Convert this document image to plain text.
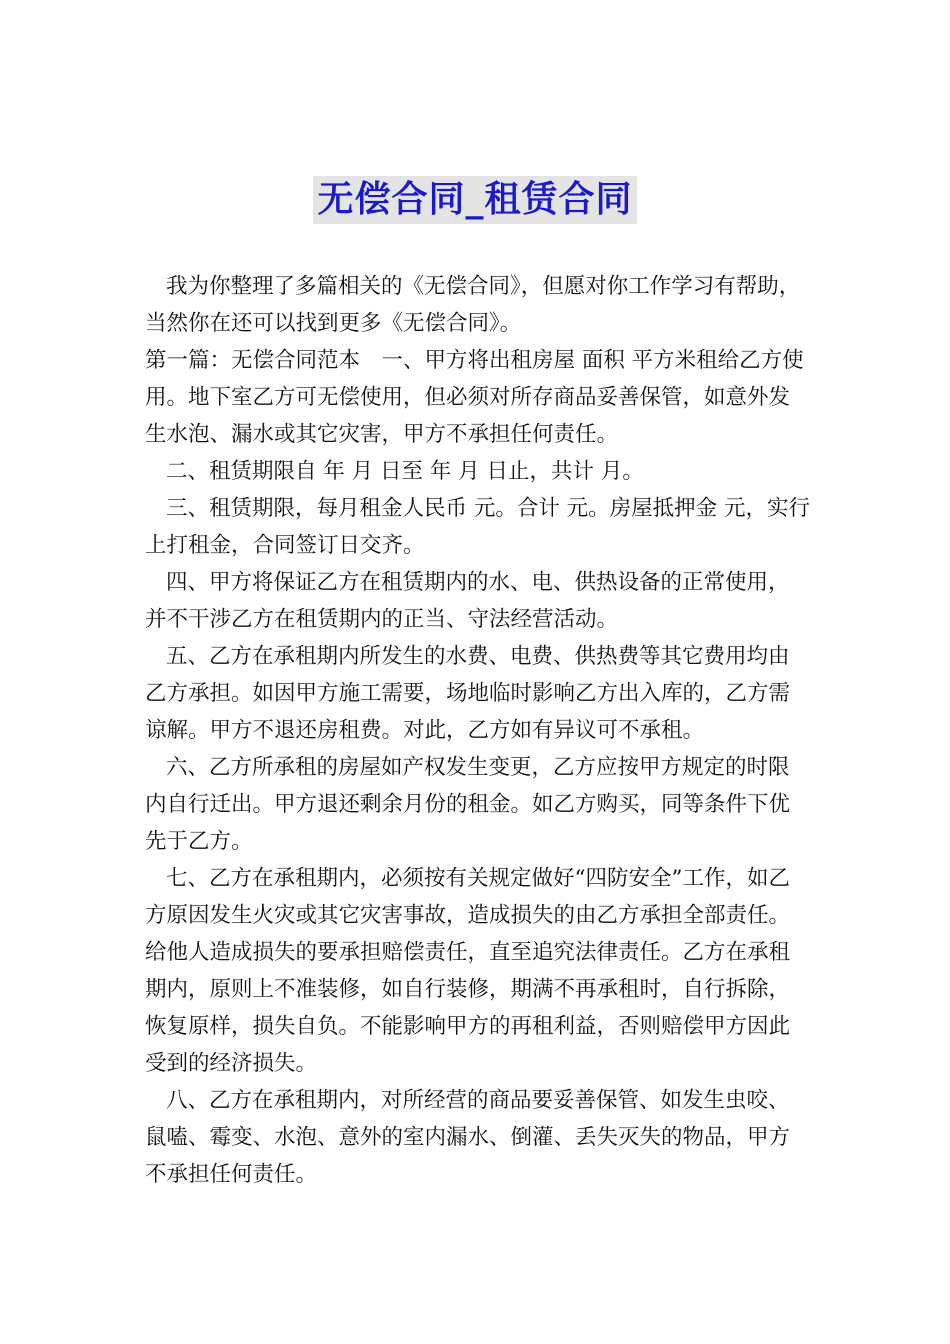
无偿合同_租赁合同

我为你整理了多篇相关的《无偿合同》，但愿对你工作学习有帮助，当然你在还可以找到更多《无偿合同》。

第一篇：无偿合同范本　一、甲方将出租房屋 面积 平方米租给乙方使用。地下室乙方可无偿使用，但必须对所存商品妥善保管，如意外发生水泡、漏水或其它灾害，甲方不承担任何责任。

二、租赁期限自 年 月 日至 年 月 日止，共计 月。

三、租赁期限，每月租金人民币 元。合计 元。房屋抵押金 元，实行上打租金，合同签订日交齐。

四、甲方将保证乙方在租赁期内的水、电、供热设备的正常使用，并不干涉乙方在租赁期内的正当、守法经营活动。

五、乙方在承租期内所发生的水费、电费、供热费等其它费用均由乙方承担。如因甲方施工需要，场地临时影响乙方出入库的，乙方需谅解。甲方不退还房租费。对此，乙方如有异议可不承租。

六、乙方所承租的房屋如产权发生变更，乙方应按甲方规定的时限内自行迁出。甲方退还剩余月份的租金。如乙方购买，同等条件下优先于乙方。

七、乙方在承租期内，必须按有关规定做好“四防安全”工作，如乙方原因发生火灾或其它灾害事故，造成损失的由乙方承担全部责任。给他人造成损失的要承担赔偿责任，直至追究法律责任。乙方在承租期内，原则上不准装修，如自行装修，期满不再承租时，自行拆除，恢复原样，损失自负。不能影响甲方的再租利益，否则赔偿甲方因此受到的经济损失。

八、乙方在承租期内，对所经营的商品要妥善保管、如发生虫咬、鼠嗑、霉变、水泡、意外的室内漏水、倒灌、丢失灭失的物品，甲方不承担任何责任。
